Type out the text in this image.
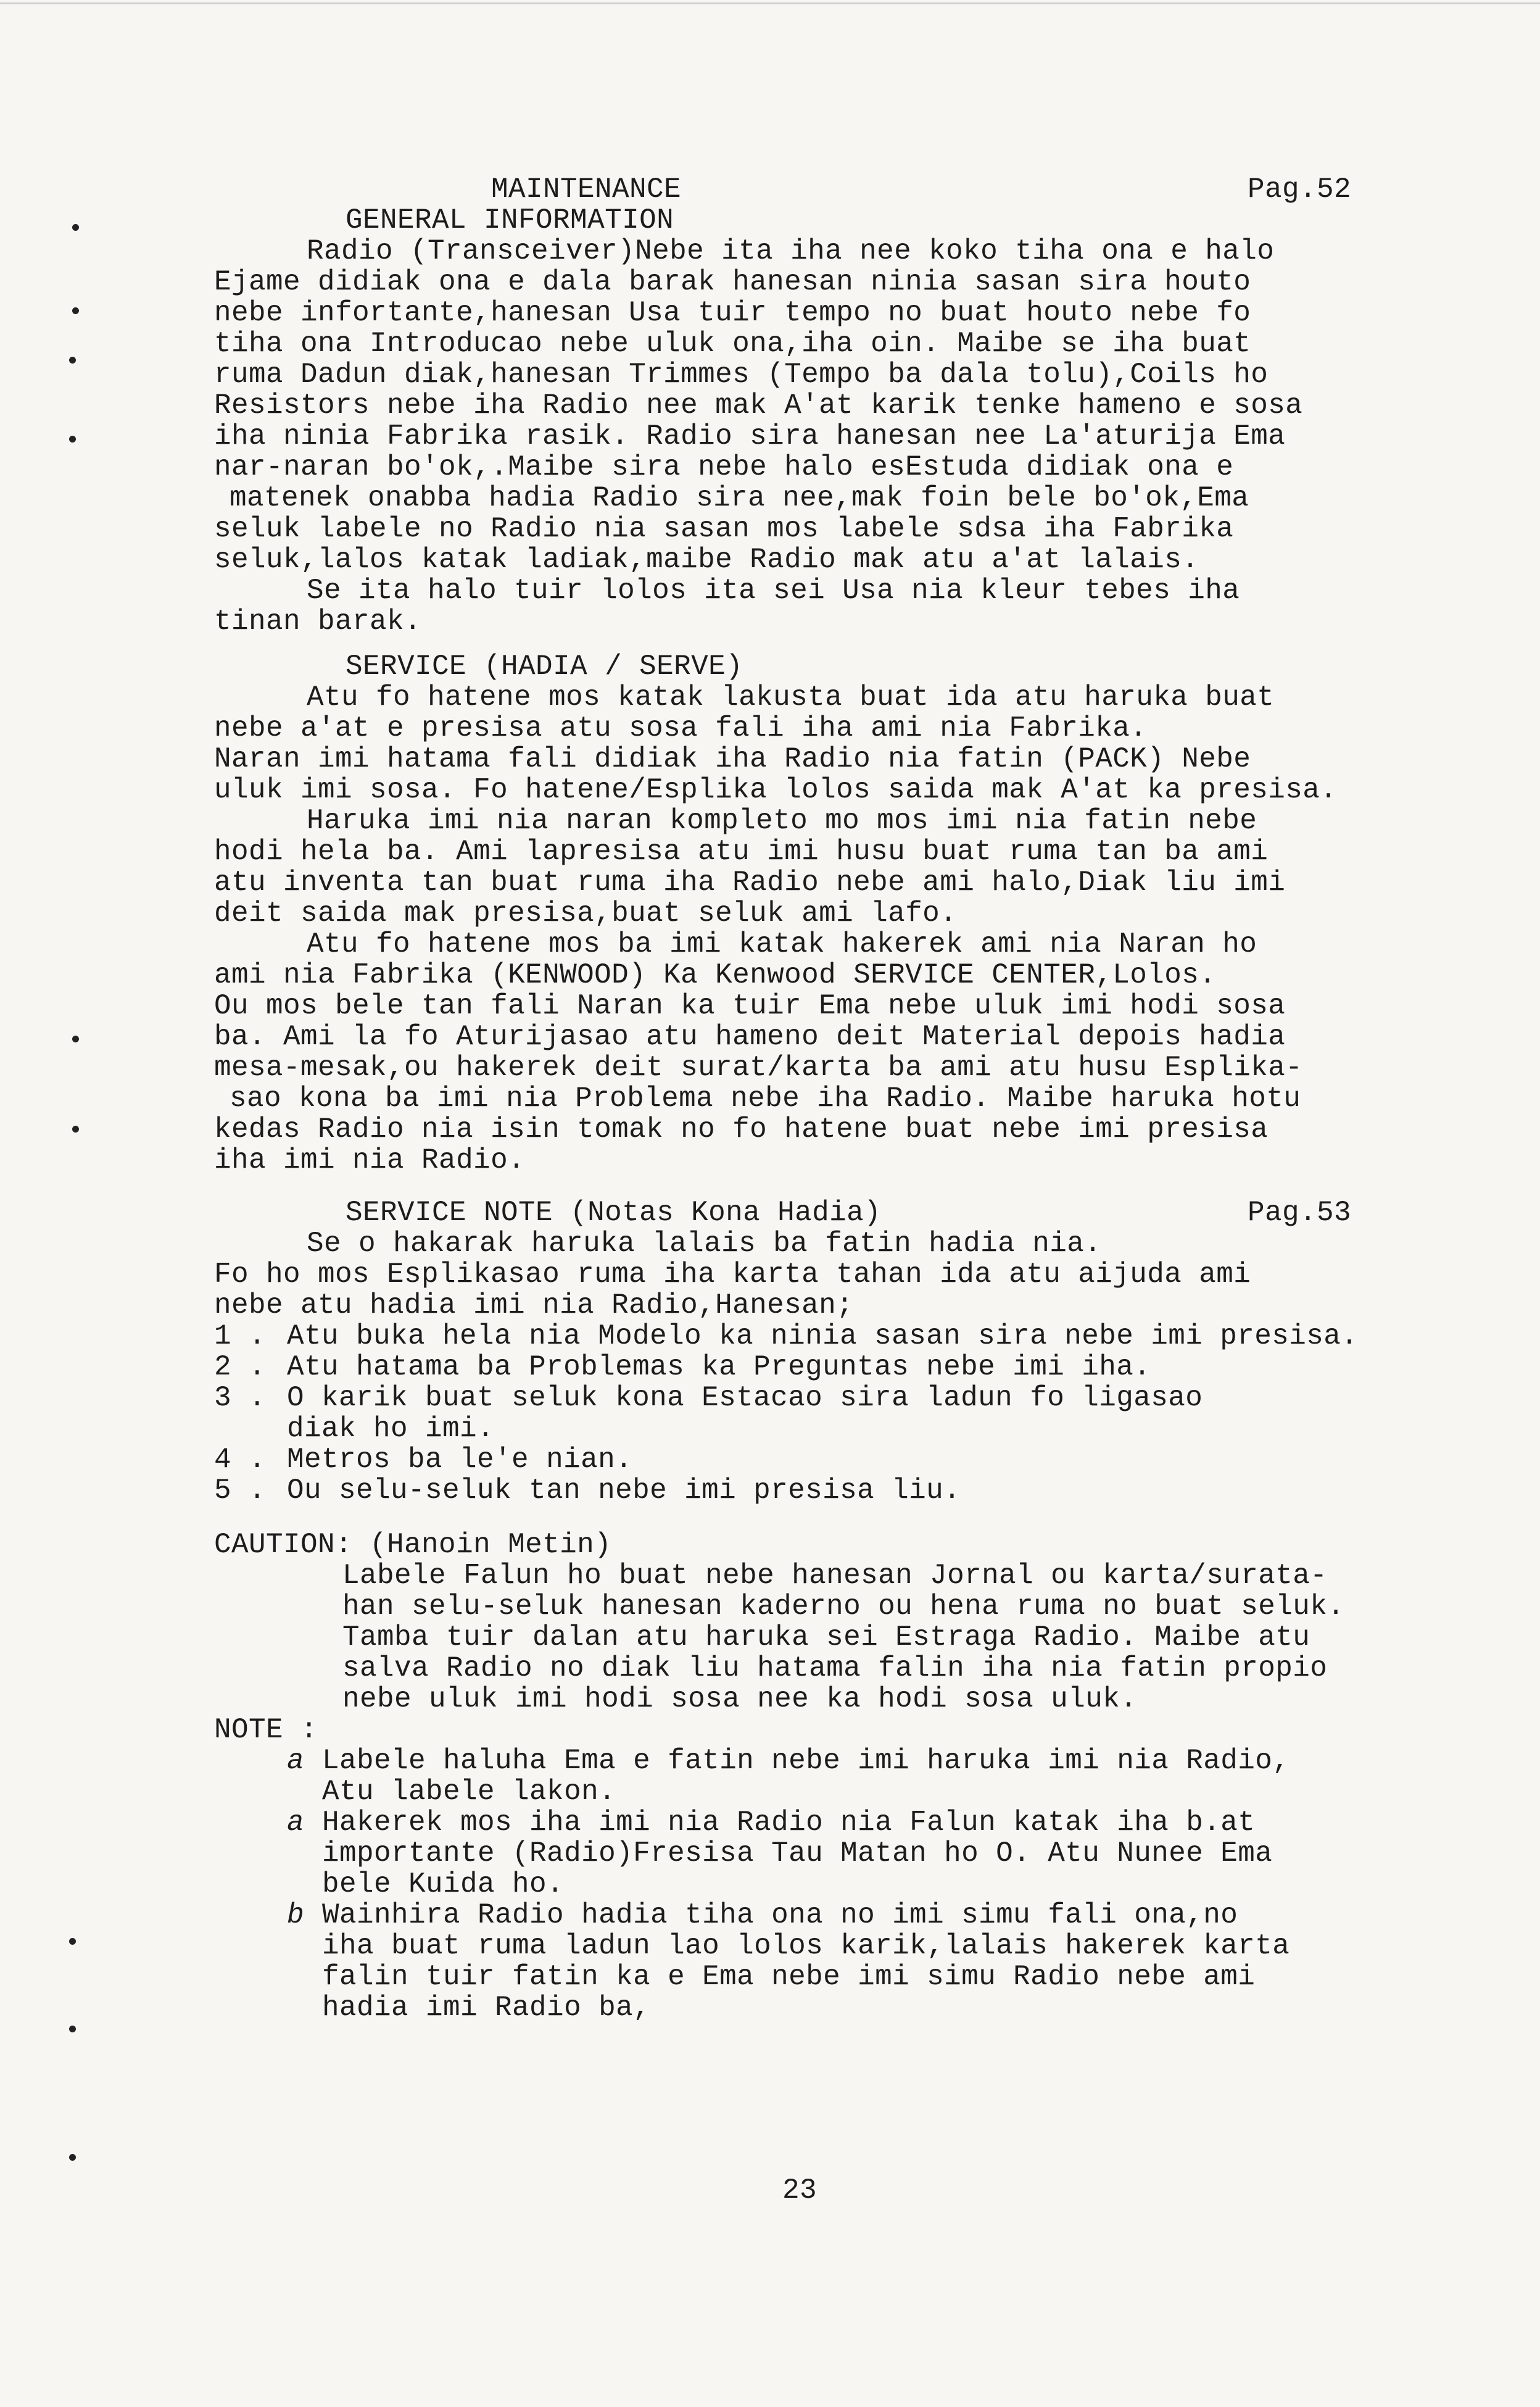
MAINTENANCE	Pag.52
GENERAL INFORMATION
Radio (Transceiver)Nebe ita iha nee koko tiha ona e halo
Ejame didiak ona e dala barak hanesan ninia sasan sira houto
nebe infortante,hanesan Usa tuir tempo no buat houto nebe fo
tiha ona Introducao nebe uluk ona,iha oin. Maibe se iha buat
ruma Dadun diak,hanesan Trimmes (Tempo ba dala tolu),Coils ho
Resistors nebe iha Radio nee mak A'at karik tenke hameno e sosa
iha ninia Fabrika rasik. Radio sira hanesan nee La'aturija Ema
nar-naran bo'ok,.Maibe sira nebe halo esEstuda didiak ona e
matenek onabba hadia Radio sira nee,mak foin bele bo'ok,Ema
seluk labele no Radio nia sasan mos labele sdsa iha Fabrika
seluk,lalos katak ladiak,maibe Radio mak atu a'at lalais.
Se ita halo tuir lolos ita sei Usa nia kleur tebes iha
tinan barak.
SERVICE (HADIA / SERVE)
Atu fo hatene mos katak lakusta buat ida atu haruka buat
nebe a'at e presisa atu sosa fali iha ami nia Fabrika.
Naran imi hatama fali didiak iha Radio nia fatin (PACK) Nebe
uluk imi sosa. Fo hatene/Esplika lolos saida mak A'at ka presisa.
Haruka imi nia naran kompleto mo mos imi nia fatin nebe
hodi hela ba. Ami lapresisa atu imi husu buat ruma tan ba ami
atu inventa tan buat ruma iha Radio nebe ami halo,Diak liu imi
deit saida mak presisa,buat seluk ami lafo.
Atu fo hatene mos ba imi katak hakerek ami nia Naran ho
ami nia Fabrika (KENWOOD) Ka Kenwood SERVICE CENTER,Lolos.
Ou mos bele tan fali Naran ka tuir Ema nebe uluk imi hodi sosa
ba. Ami la fo Aturijasao atu hameno deit Material depois hadia
mesa-mesak,ou hakerek deit surat/karta ba ami atu husu Esplika-
sao kona ba imi nia Problema nebe iha Radio. Maibe haruka hotu
kedas Radio nia isin tomak no fo hatene buat nebe imi presisa
iha imi nia Radio.
SERVICE NOTE (Notas Kona Hadia)	Pag.53
Se o hakarak haruka lalais ba fatin hadia nia.
Fo ho mos Esplikasao ruma iha karta tahan ida atu aijuda ami
nebe atu hadia imi nia Radio,Hanesan;
1 . Atu buka hela nia Modelo ka ninia sasan sira nebe imi presisa.
2 . Atu hatama ba Problemas ka Preguntas nebe imi iha.
3 . O karik buat seluk kona Estacao sira ladun fo ligasao
diak ho imi.
4 . Metros ba le'e nian.
5 . Ou selu-seluk tan nebe imi presisa liu.
CAUTION: (Hanoin Metin)
Labele Falun ho buat nebe hanesan Jornal ou karta/surata-
han selu-seluk hanesan kaderno ou hena ruma no buat seluk.
Tamba tuir dalan atu haruka sei Estraga Radio. Maibe atu
salva Radio no diak liu hatama falin iha nia fatin propio
nebe uluk imi hodi sosa nee ka hodi sosa uluk.
NOTE :
a Labele haluha Ema e fatin nebe imi haruka imi nia Radio,
Atu labele lakon.
a Hakerek mos iha imi nia Radio nia Falun katak iha b.at
importante (Radio)Fresisa Tau Matan ho O. Atu Nunee Ema
bele Kuida ho.
b Wainhira Radio hadia tiha ona no imi simu fali ona,no
iha buat ruma ladun lao lolos karik,lalais hakerek karta
falin tuir fatin ka e Ema nebe imi simu Radio nebe ami
hadia imi Radio ba,
23
